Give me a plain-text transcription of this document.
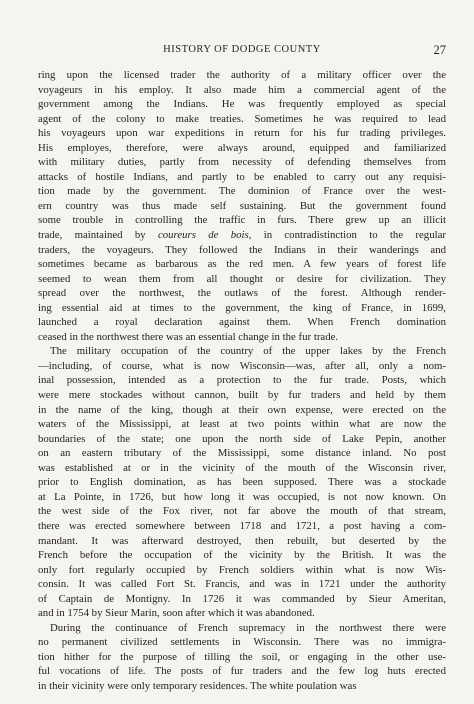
HISTORY OF DODGE COUNTY	27
ring upon the licensed trader the authority of a military officer over the
voyageurs in his employ. It also made him a commercial agent of the
government among the Indians. He was frequently employed as special
agent of the colony to make treaties. Sometimes he was required to lead
his voyageurs upon war expeditions in return for his fur trading privileges.
His employes, therefore, were always around, equipped and familiarized
with military duties, partly from necessity of defending themselves from
attacks of hostile Indians, and partly to be enabled to carry out any requisi-
tion made by the government. The dominion of France over the west-
ern country was thus made self sustaining. But the government found
some trouble in controlling the traffic in furs. There grew up an illicit
trade, maintained by coureurs de bois, in contradistinction to the regular
traders, the voyageurs. They followed the Indians in their wanderings and
sometimes became as barbarous as the red men. A few years of forest life
seemed to wean them from all thought or desire for civilization. They
spread over the northwest, the outlaws of the forest. Although render-
ing essential aid at times to the government, the king of France, in 1699,
launched a royal declaration against them. When French domination
ceased in the northwest there was an essential change in the fur trade.
The military occupation of the country of the upper lakes by the French
—including, of course, what is now Wisconsin—was, after all, only a nom-
inal possession, intended as a protection to the fur trade. Posts, which
were mere stockades without cannon, built by fur traders and held by them
in the name of the king, though at their own expense, were erected on the
waters of the Mississippi, at least at two points within what are now the
boundaries of the state; one upon the north side of Lake Pepin, another
on an eastern tributary of the Mississippi, some distance inland. No post
was established at or in the vicinity of the mouth of the Wisconsin river,
prior to English domination, as has been supposed. There was a stockade
at La Pointe, in 1726, but how long it was occupied, is not now known. On
the west side of the Fox river, not far above the mouth of that stream,
there was erected somewhere between 1718 and 1721, a post having a com-
mandant. It was afterward destroyed, then rebuilt, but deserted by the
French before the occupation of the vicinity by the British. It was the
only fort regularly occupied by French soldiers within what is now Wis-
consin. It was called Fort St. Francis, and was in 1721 under the authority
of Captain de Montigny. In 1726 it was commanded by Sieur Ameritan,
and in 1754 by Sieur Marin, soon after which it was abandoned.
During the continuance of French supremacy in the northwest there were
no permanent civilized settlements in Wisconsin. There was no immigra-
tion hither for the purpose of tilling the soil, or engaging in the other use-
ful vocations of life. The posts of fur traders and the few log huts erected
in their vicinity were only temporary residences. The white poulation was
